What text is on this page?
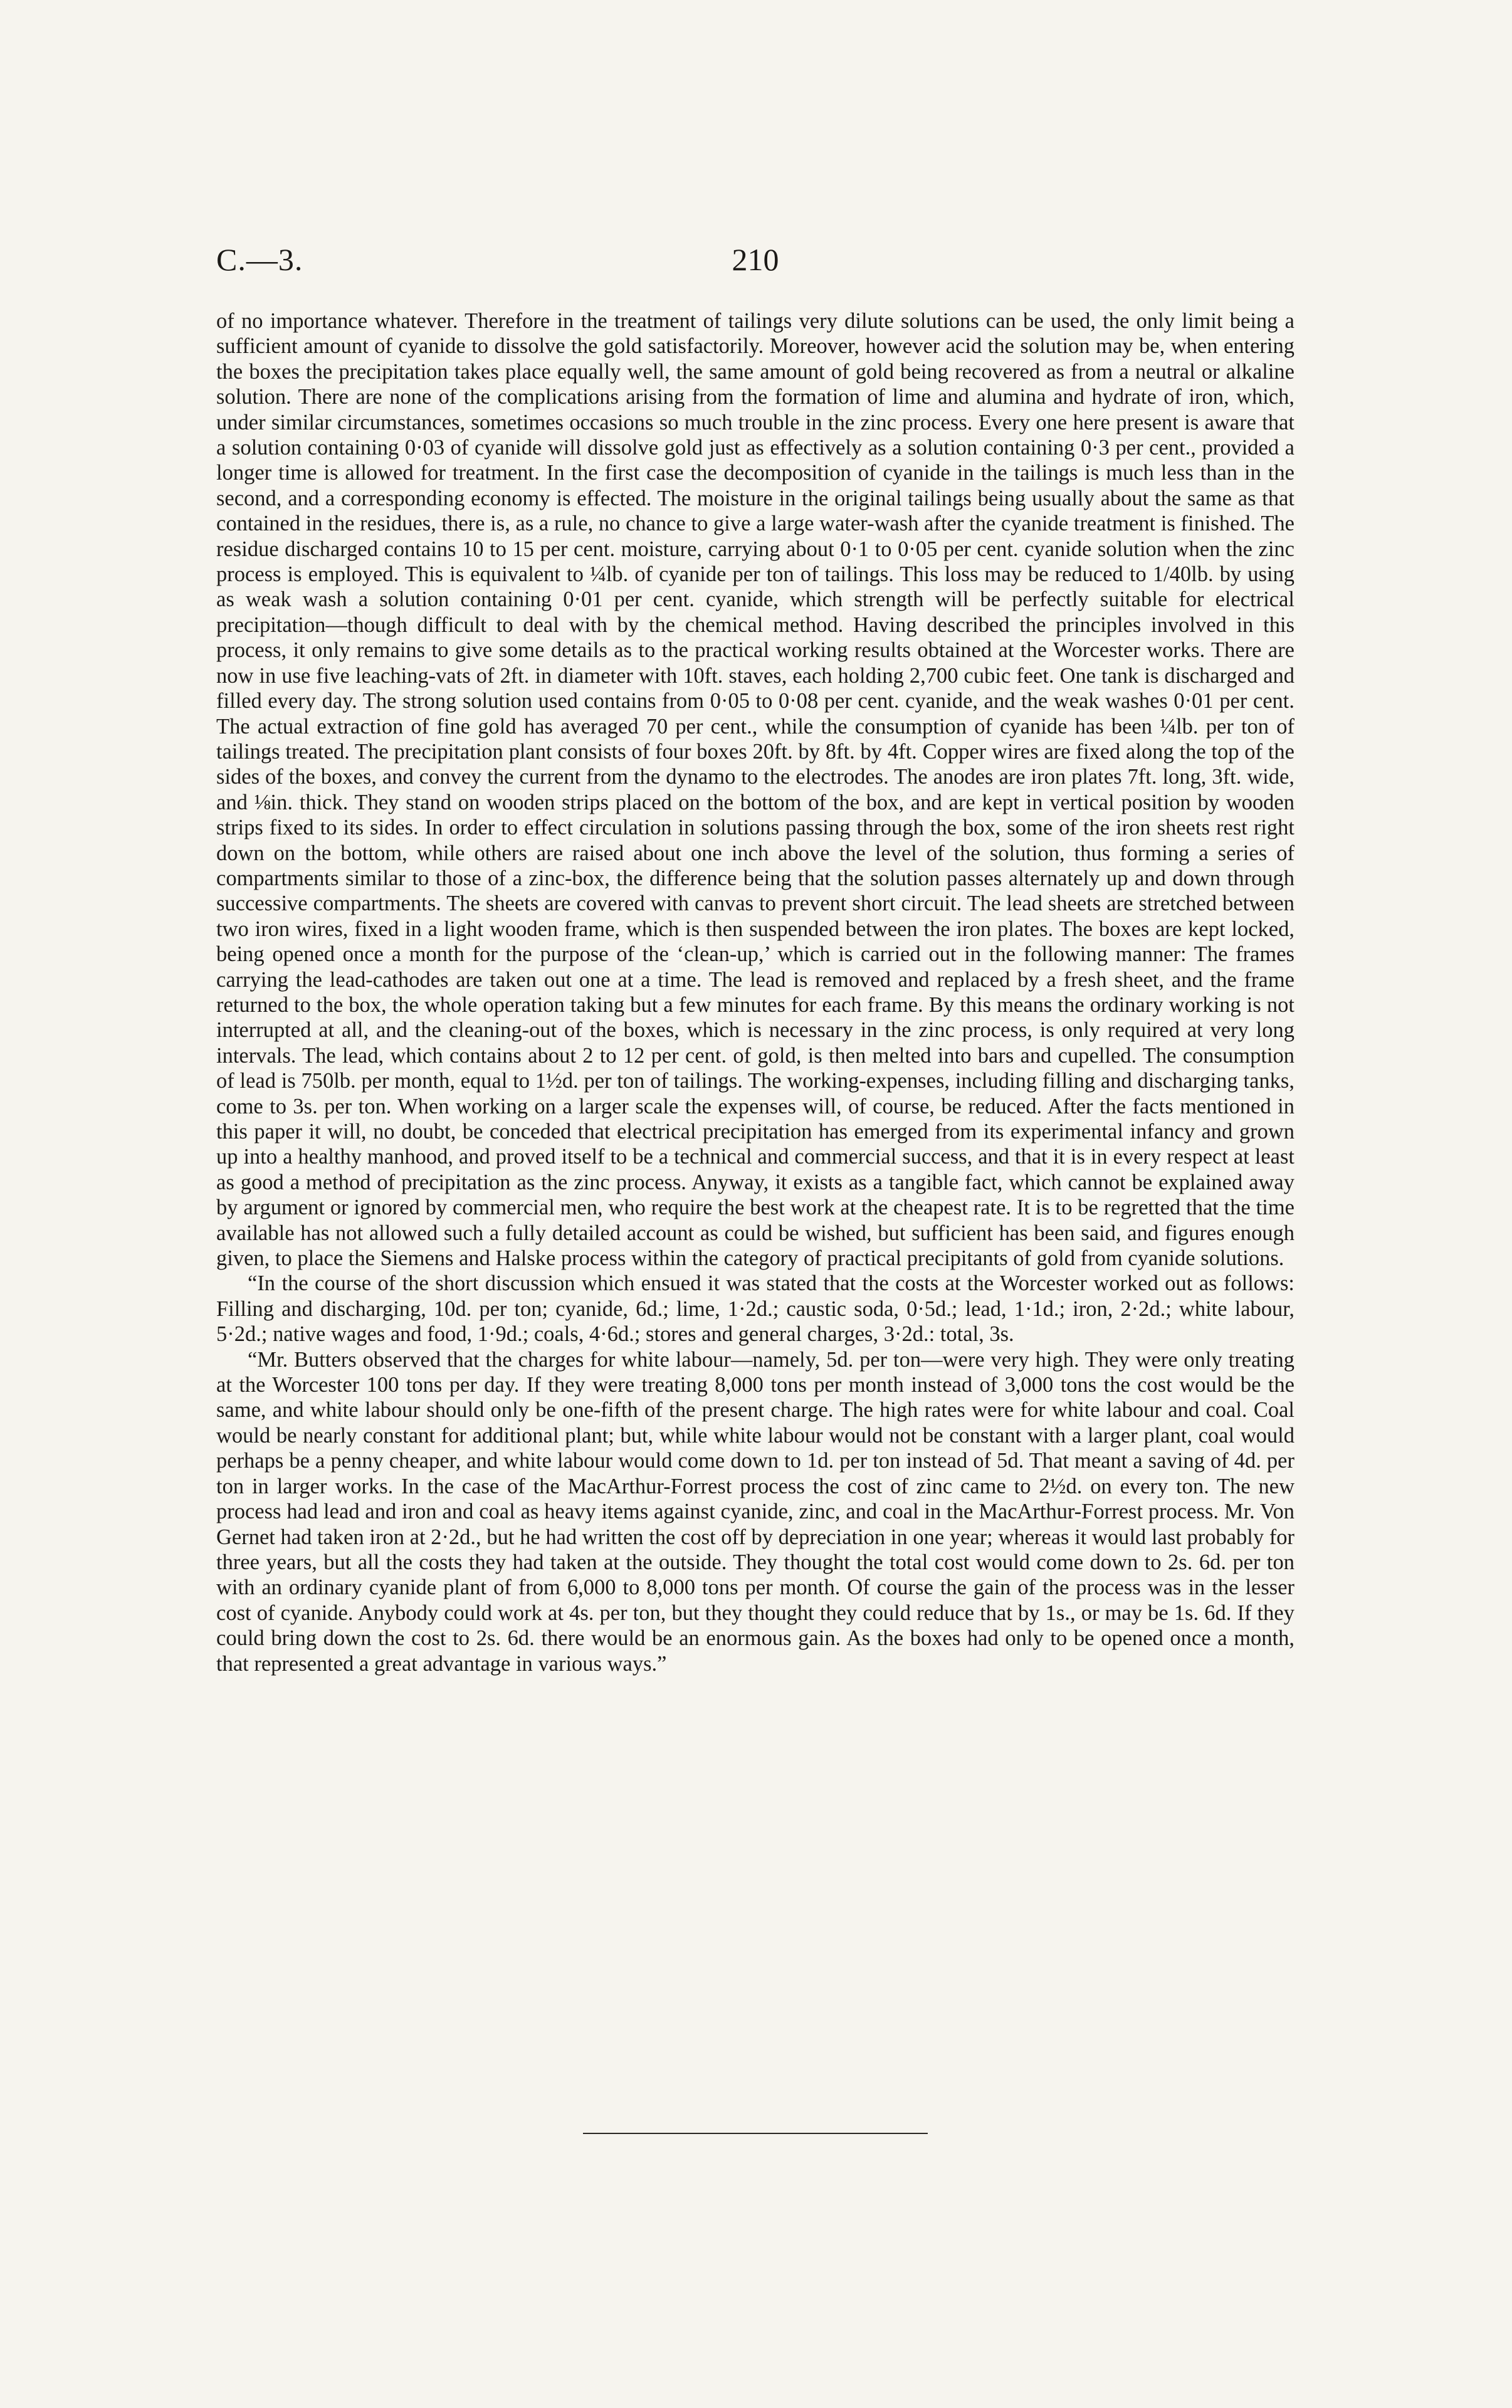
C.—3.	210

of no importance whatever. Therefore in the treatment of tailings very dilute solutions can be used, the only limit being a sufficient amount of cyanide to dissolve the gold satisfactorily. Moreover, however acid the solution may be, when entering the boxes the precipitation takes place equally well, the same amount of gold being recovered as from a neutral or alkaline solution. There are none of the complications arising from the formation of lime and alumina and hydrate of iron, which, under similar circumstances, sometimes occasions so much trouble in the zinc process. Every one here present is aware that a solution containing 0·03 of cyanide will dissolve gold just as effectively as a solution containing 0·3 per cent., provided a longer time is allowed for treatment. In the first case the decomposition of cyanide in the tailings is much less than in the second, and a corresponding economy is effected. The moisture in the original tailings being usually about the same as that contained in the residues, there is, as a rule, no chance to give a large water-wash after the cyanide treatment is finished. The residue discharged contains 10 to 15 per cent. moisture, carrying about 0·1 to 0·05 per cent. cyanide solution when the zinc process is employed. This is equivalent to ¼lb. of cyanide per ton of tailings. This loss may be reduced to 1/40lb. by using as weak wash a solution containing 0·01 per cent. cyanide, which strength will be perfectly suitable for electrical precipitation—though difficult to deal with by the chemical method. Having described the principles involved in this process, it only remains to give some details as to the practical working results obtained at the Worcester works. There are now in use five leaching-vats of 2ft. in diameter with 10ft. staves, each holding 2,700 cubic feet. One tank is discharged and filled every day. The strong solution used contains from 0·05 to 0·08 per cent. cyanide, and the weak washes 0·01 per cent. The actual extraction of fine gold has averaged 70 per cent., while the consumption of cyanide has been ¼lb. per ton of tailings treated. The precipitation plant consists of four boxes 20ft. by 8ft. by 4ft. Copper wires are fixed along the top of the sides of the boxes, and convey the current from the dynamo to the electrodes. The anodes are iron plates 7ft. long, 3ft. wide, and ⅛in. thick. They stand on wooden strips placed on the bottom of the box, and are kept in vertical position by wooden strips fixed to its sides. In order to effect circulation in solutions passing through the box, some of the iron sheets rest right down on the bottom, while others are raised about one inch above the level of the solution, thus forming a series of compartments similar to those of a zinc-box, the difference being that the solution passes alternately up and down through successive compartments. The sheets are covered with canvas to prevent short circuit. The lead sheets are stretched between two iron wires, fixed in a light wooden frame, which is then suspended between the iron plates. The boxes are kept locked, being opened once a month for the purpose of the ‘clean-up,’ which is carried out in the following manner: The frames carrying the lead-cathodes are taken out one at a time. The lead is removed and replaced by a fresh sheet, and the frame returned to the box, the whole operation taking but a few minutes for each frame. By this means the ordinary working is not interrupted at all, and the cleaning-out of the boxes, which is necessary in the zinc process, is only required at very long intervals. The lead, which contains about 2 to 12 per cent. of gold, is then melted into bars and cupelled. The consumption of lead is 750lb. per month, equal to 1½d. per ton of tailings. The working-expenses, including filling and discharging tanks, come to 3s. per ton. When working on a larger scale the expenses will, of course, be reduced. After the facts mentioned in this paper it will, no doubt, be conceded that electrical precipitation has emerged from its experimental infancy and grown up into a healthy manhood, and proved itself to be a technical and commercial success, and that it is in every respect at least as good a method of precipitation as the zinc process. Anyway, it exists as a tangible fact, which cannot be explained away by argument or ignored by commercial men, who require the best work at the cheapest rate. It is to be regretted that the time available has not allowed such a fully detailed account as could be wished, but sufficient has been said, and figures enough given, to place the Siemens and Halske process within the category of practical precipitants of gold from cyanide solutions.

“In the course of the short discussion which ensued it was stated that the costs at the Worcester worked out as follows: Filling and discharging, 10d. per ton; cyanide, 6d.; lime, 1·2d.; caustic soda, 0·5d.; lead, 1·1d.; iron, 2·2d.; white labour, 5·2d.; native wages and food, 1·9d.; coals, 4·6d.; stores and general charges, 3·2d.: total, 3s.

“Mr. Butters observed that the charges for white labour—namely, 5d. per ton—were very high. They were only treating at the Worcester 100 tons per day. If they were treating 8,000 tons per month instead of 3,000 tons the cost would be the same, and white labour should only be one-fifth of the present charge. The high rates were for white labour and coal. Coal would be nearly constant for additional plant; but, while white labour would not be constant with a larger plant, coal would perhaps be a penny cheaper, and white labour would come down to 1d. per ton instead of 5d. That meant a saving of 4d. per ton in larger works. In the case of the MacArthur-Forrest process the cost of zinc came to 2½d. on every ton. The new process had lead and iron and coal as heavy items against cyanide, zinc, and coal in the MacArthur-Forrest process. Mr. Von Gernet had taken iron at 2·2d., but he had written the cost off by depreciation in one year; whereas it would last probably for three years, but all the costs they had taken at the outside. They thought the total cost would come down to 2s. 6d. per ton with an ordinary cyanide plant of from 6,000 to 8,000 tons per month. Of course the gain of the process was in the lesser cost of cyanide. Anybody could work at 4s. per ton, but they thought they could reduce that by 1s., or may be 1s. 6d. If they could bring down the cost to 2s. 6d. there would be an enormous gain. As the boxes had only to be opened once a month, that represented a great advantage in various ways.”
